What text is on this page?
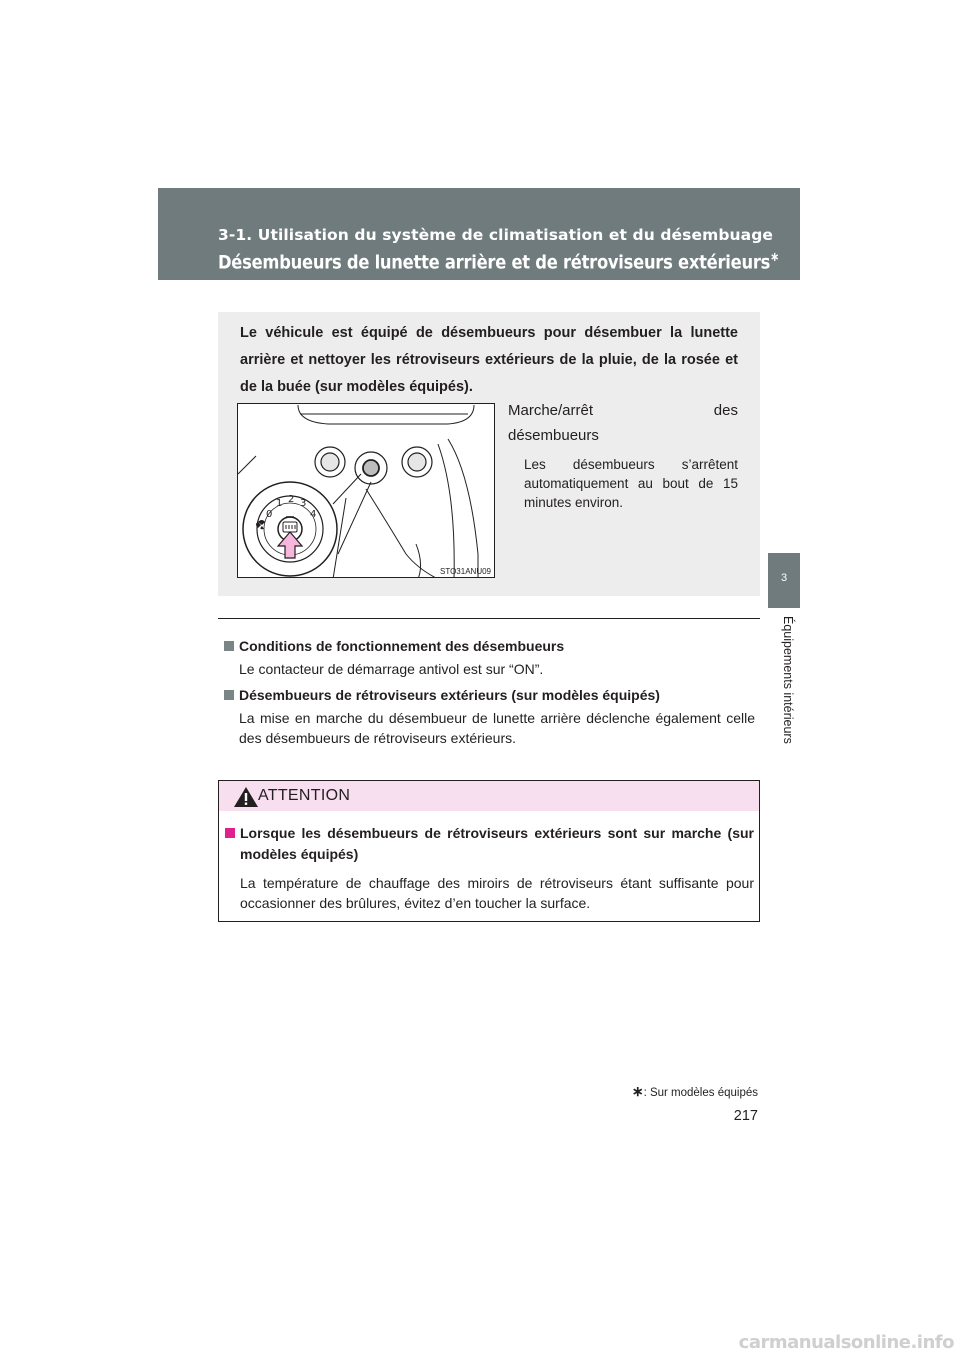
3-1. Utilisation du système de climatisation et du désembuage
Désembueurs de lunette arrière et de rétroviseurs extérieurs∗
3
Équipements intérieurs
Le véhicule est équipé de désembueurs pour désembuer la lunette arrière et nettoyer les rétroviseurs extérieurs de la pluie, de la rosée et de la buée (sur modèles équipés).
0
1 2 3
4
STO31ANU09
Marche/arrêt des
désembueurs
Les désembueurs s’arrêtent automatiquement au bout de 15 minutes environ.
Conditions de fonctionnement des désembueurs
Le contacteur de démarrage antivol est sur “ON”.
Désembueurs de rétroviseurs extérieurs (sur modèles équipés)
La mise en marche du désembueur de lunette arrière déclenche également celle des désembueurs de rétroviseurs extérieurs.
ATTENTION
Lorsque les désembueurs de rétroviseurs extérieurs sont sur marche (sur modèles équipés)
La température de chauffage des miroirs de rétroviseurs étant suffisante pour occasionner des brûlures, évitez d’en toucher la surface.
∗: Sur modèles équipés
217
carmanualsonline.info
